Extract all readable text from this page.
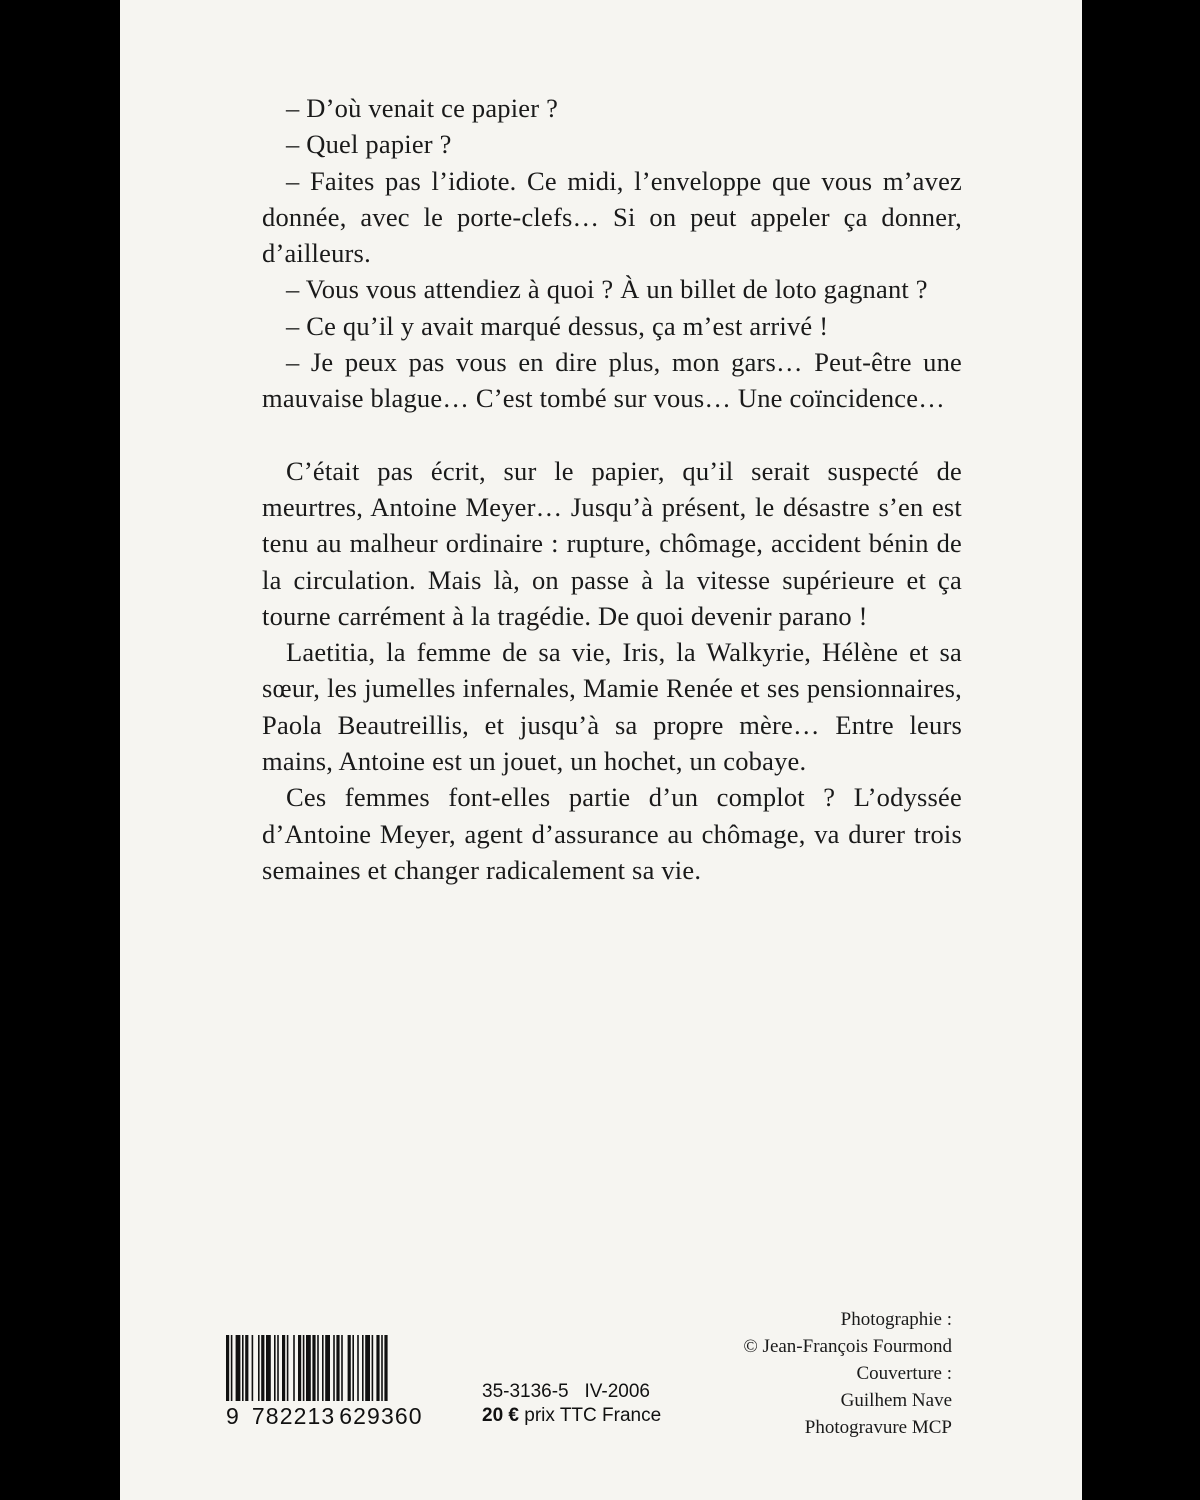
– D’où venait ce papier ?

– Quel papier ?

– Faites pas l’idiote. Ce midi, l’enveloppe que vous m’avez donnée, avec le porte-clefs… Si on peut appeler ça donner, d’ailleurs.

– Vous vous attendiez à quoi ? À un billet de loto gagnant ?

– Ce qu’il y avait marqué dessus, ça m’est arrivé !

– Je peux pas vous en dire plus, mon gars… Peut-être une mauvaise blague… C’est tombé sur vous… Une coïncidence…

C’était pas écrit, sur le papier, qu’il serait suspecté de meurtres, Antoine Meyer… Jusqu’à présent, le désastre s’en est tenu au malheur ordinaire : rupture, chômage, accident bénin de la circulation. Mais là, on passe à la vitesse supérieure et ça tourne carrément à la tragédie. De quoi devenir parano !

Laetitia, la femme de sa vie, Iris, la Walkyrie, Hélène et sa sœur, les jumelles infernales, Mamie Renée et ses pensionnaires, Paola Beautreillis, et jusqu’à sa propre mère… Entre leurs mains, Antoine est un jouet, un hochet, un cobaye.

Ces femmes font-elles partie d’un complot ? L’odyssée d’Antoine Meyer, agent d’assurance au chômage, va durer trois semaines et changer radicalement sa vie.

9 782213 629360
35-3136-5 IV-2006
20 € prix TTC France
Photographie :
© Jean-François Fourmond
Couverture :
Guilhem Nave
Photogravure MCP
